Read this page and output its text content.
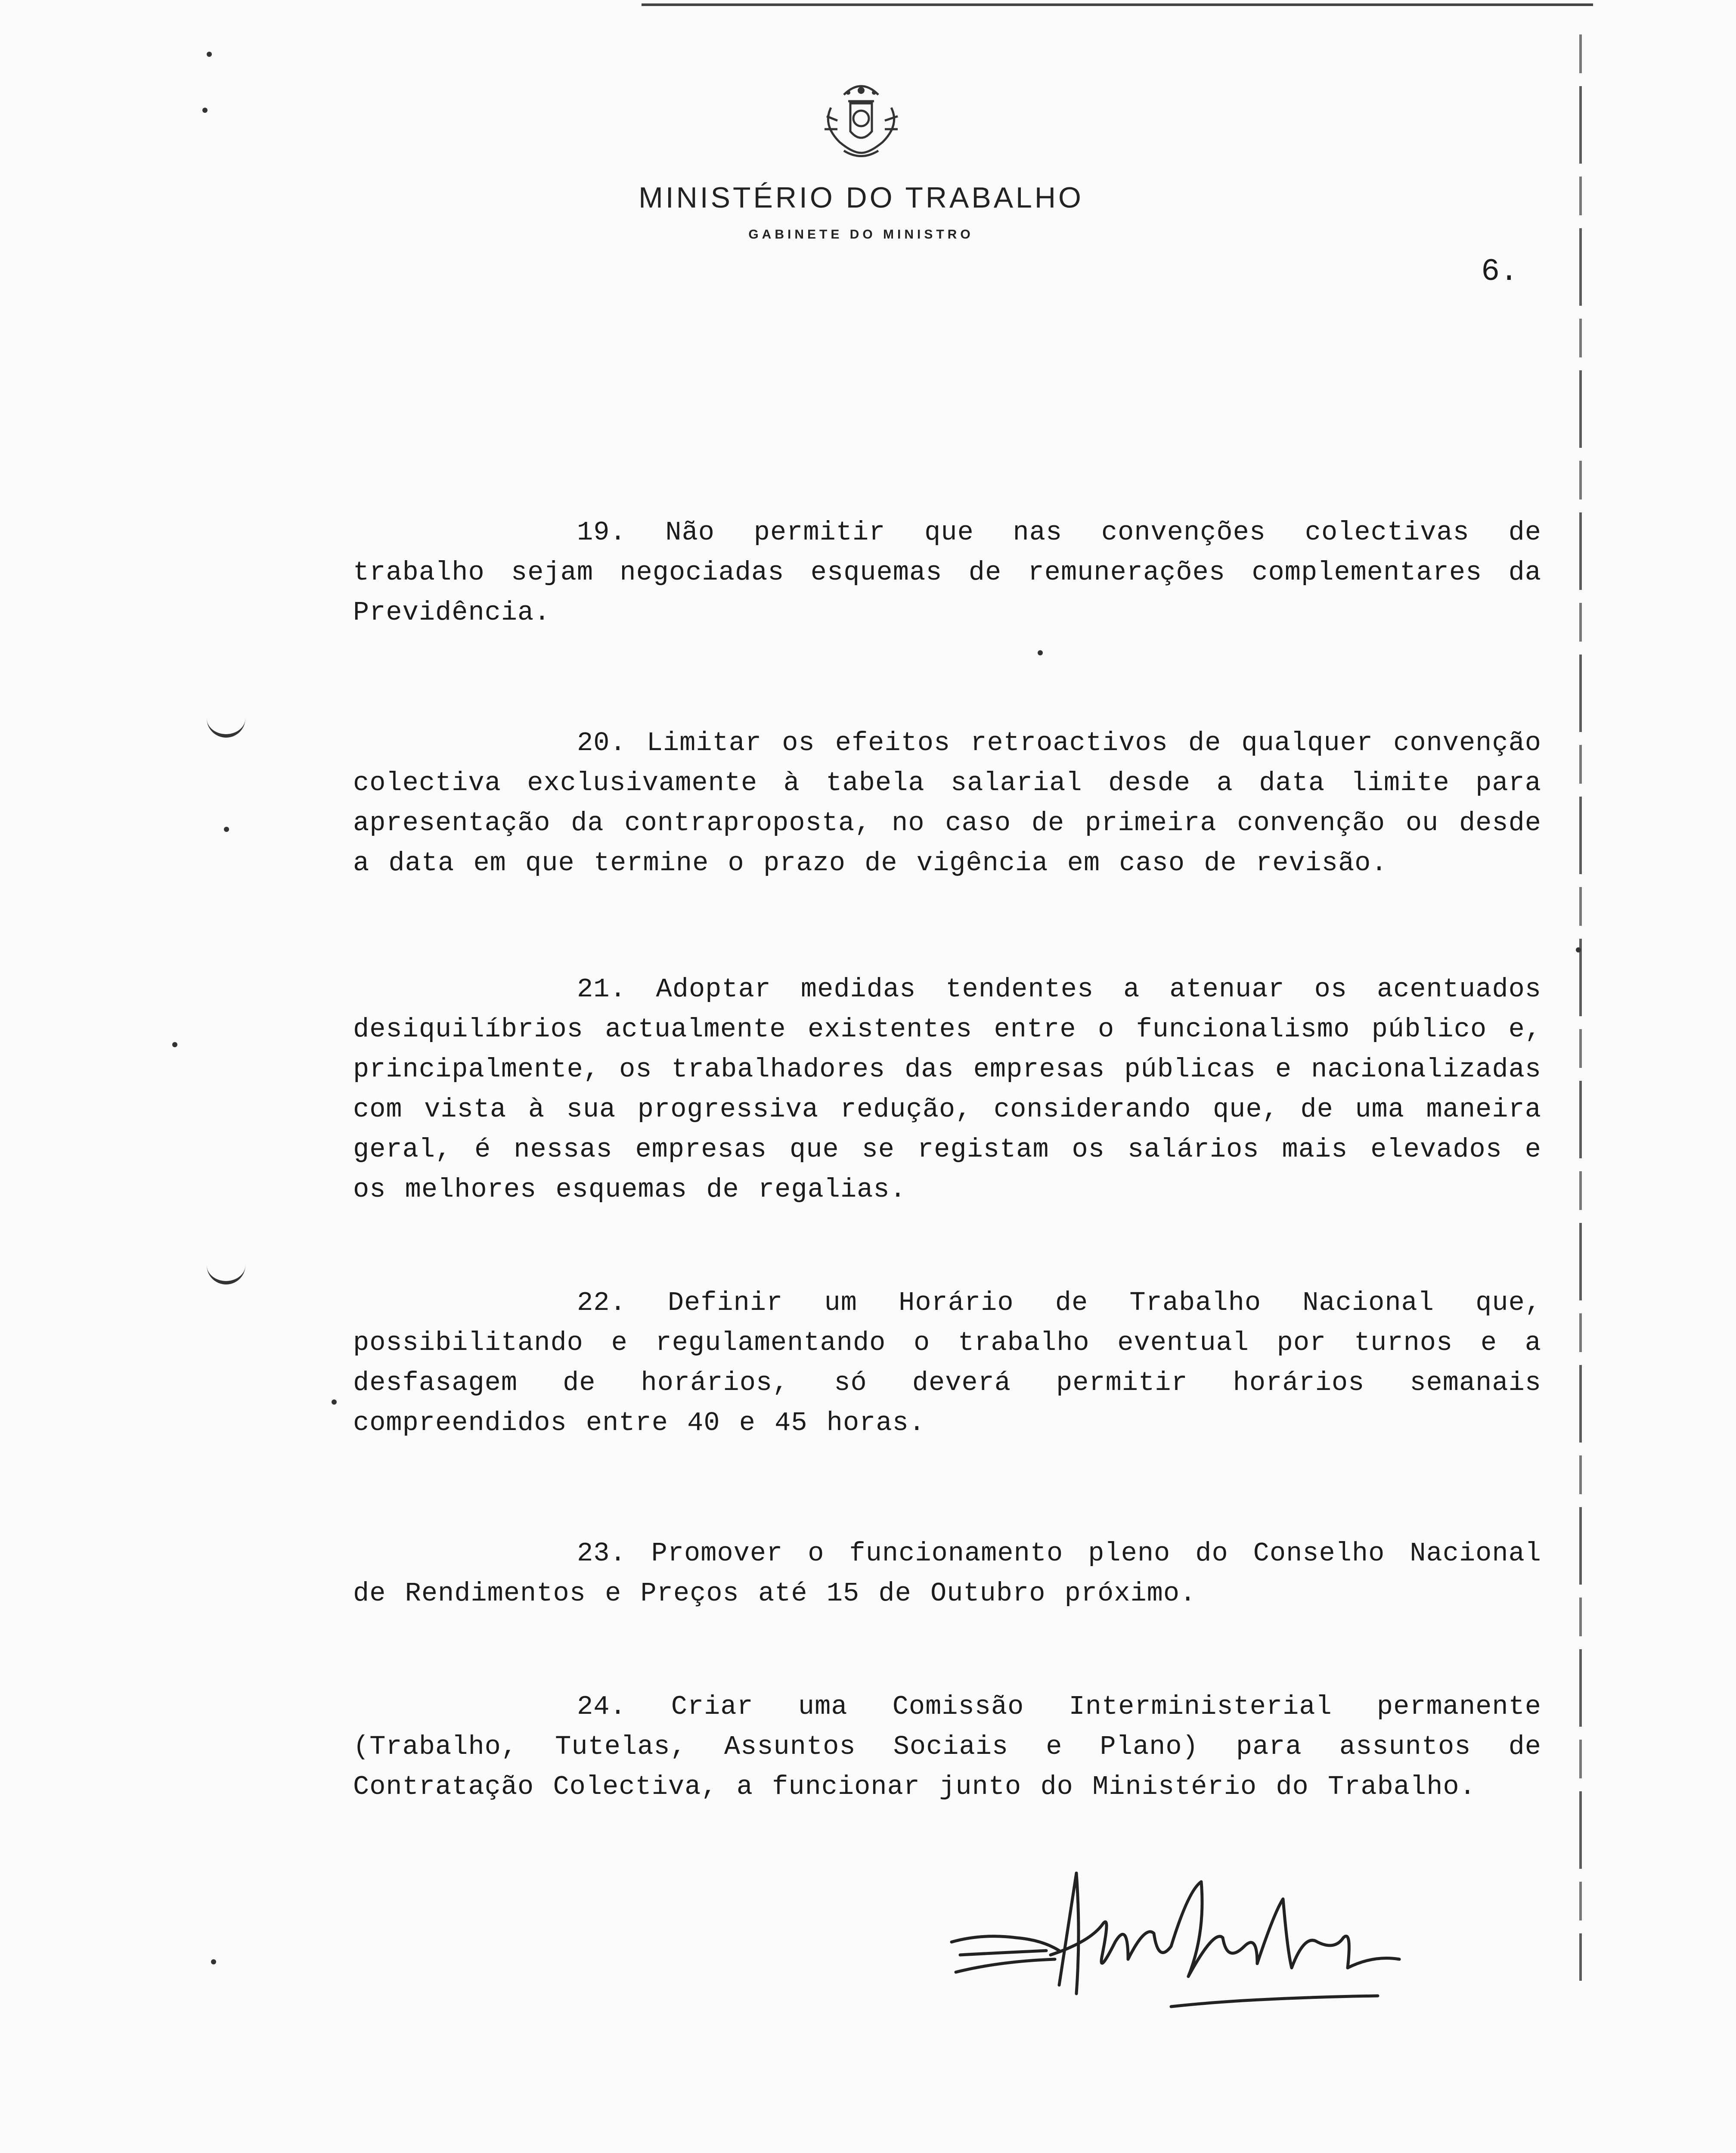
MINISTÉRIO DO TRABALHO
GABINETE DO MINISTRO
6.

19. Não permitir que nas convenções colectivas de trabalho sejam negociadas esquemas de remunerações complementares da Previdência.

20. Limitar os efeitos retroactivos de qualquer convenção colectiva exclusivamente à tabela salarial desde a data limite para apresentação da contraproposta, no caso de primeira convenção ou desde a data em que termine o prazo de vigência em caso de revisão.

21. Adoptar medidas tendentes a atenuar os acentuados desiquilíbrios actualmente existentes entre o funcionalismo público e, principalmente, os trabalhadores das empresas públicas e nacionalizadas com vista à sua progressiva redução, considerando que, de uma maneira geral, é nessas empresas que se registam os salários mais elevados e os melhores esquemas de regalias.

22. Definir um Horário de Trabalho Nacional que, possibilitando e regulamentando o trabalho eventual por turnos e a desfasagem de horários, só deverá permitir horários semanais compreendidos entre 40 e 45 horas.

23. Promover o funcionamento pleno do Conselho Nacional de Rendimentos e Preços até 15 de Outubro próximo.

24. Criar uma Comissão Interministerial permanente (Trabalho, Tutelas, Assuntos Sociais e Plano) para assuntos de Contratação Colectiva, a funcionar junto do Ministério do Trabalho.
